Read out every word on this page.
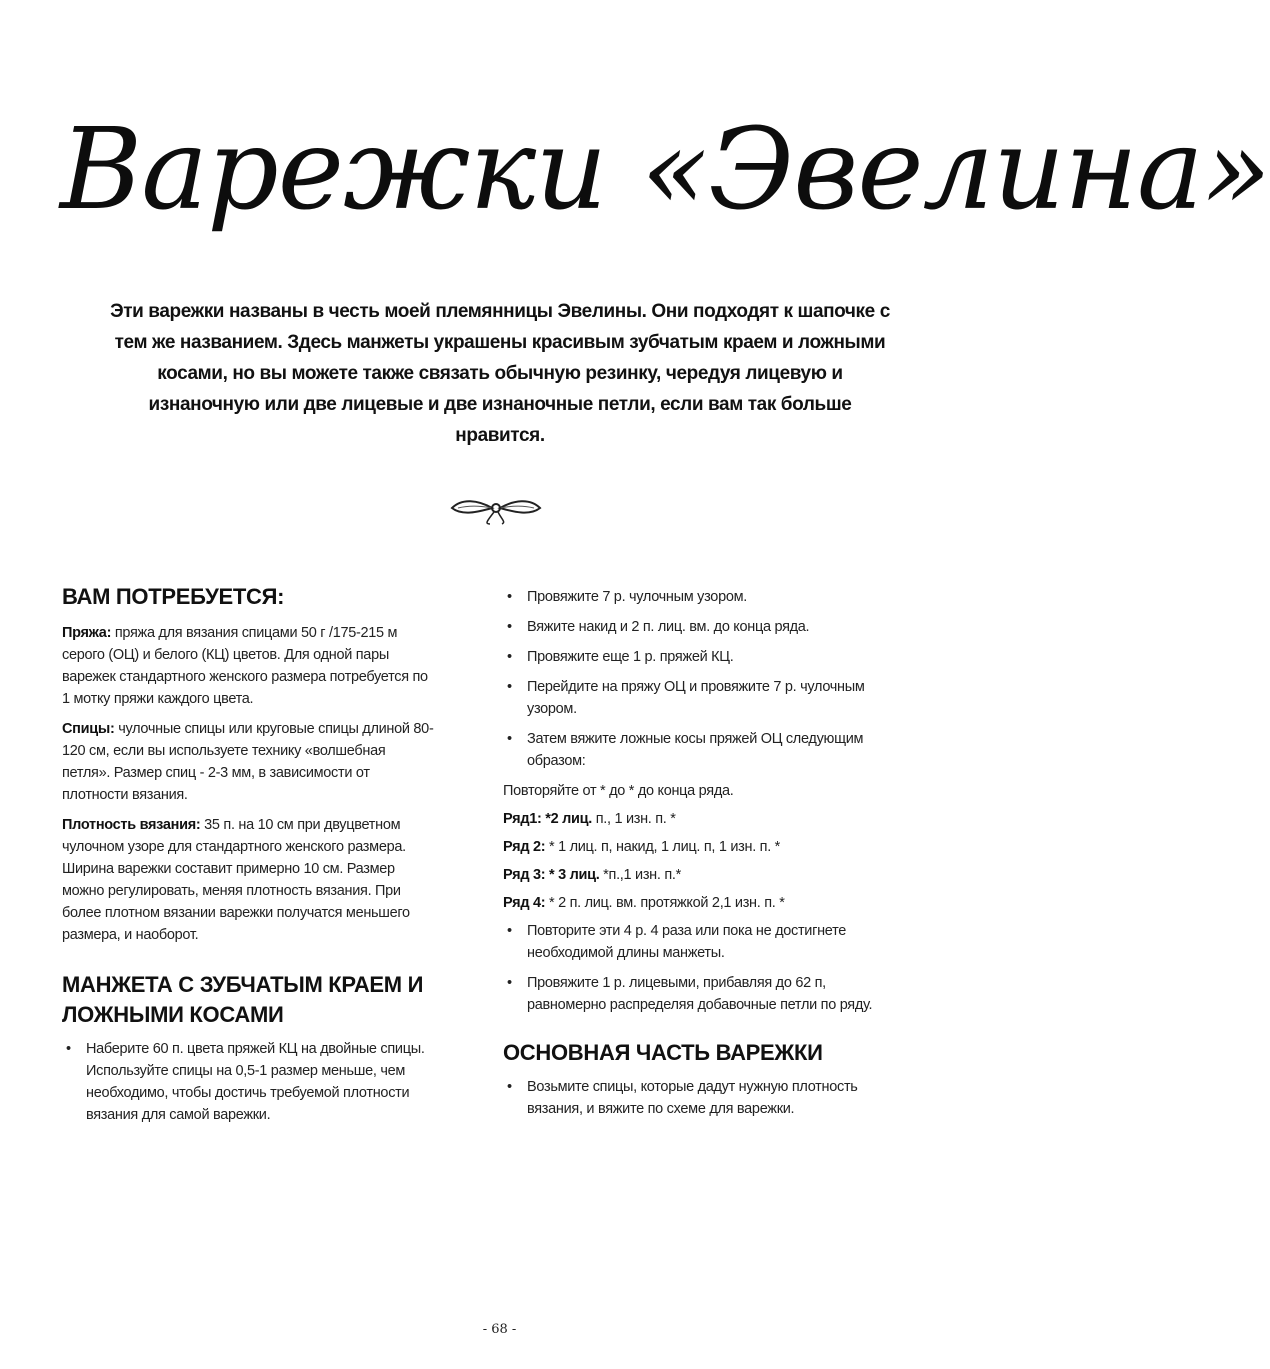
Варежки «Эвелина»
Эти варежки названы в честь моей племянницы Эвелины. Они подходят к шапочке с тем же названием. Здесь манжеты украшены красивым зубчатым краем и ложными косами, но вы можете также связать обычную резинку, чередуя лицевую и изнаночную или две лицевые и две изнаночные петли, если вам так больше нравится.
ВАМ ПОТРЕБУЕТСЯ:

Пряжа: пряжа для вязания спицами 50 г /175-215 м серого (ОЦ) и белого (КЦ) цветов. Для одной пары варежек стандартного женского размера потребуется по 1 мотку пряжи каждого цвета.

Спицы: чулочные спицы или круговые спицы длиной 80-120 см, если вы используете технику «волшебная петля». Размер спиц - 2-3 мм, в зависимости от плотности вязания.

Плотность вязания: 35 п. на 10 см при двуцветном чулочном узоре для стандартного женского размера. Ширина варежки составит примерно 10 см. Размер можно регулировать, меняя плотность вязания. При более плотном вязании варежки получатся меньшего размера, и наоборот.

МАНЖЕТА С ЗУБЧАТЫМ КРАЕМ И ЛОЖНЫМИ КОСАМИ
• Наберите 60 п. цвета пряжей КЦ на двойные спицы. Используйте спицы на 0,5-1 размер меньше, чем необходимо, чтобы достичь требуемой плотности вязания для самой варежки.
• Провяжите 7 р. чулочным узором.
• Вяжите накид и 2 п. лиц. вм. до конца ряда.
• Провяжите еще 1 р. пряжей КЦ.
• Перейдите на пряжу ОЦ и провяжите 7 р. чулочным узором.
• Затем вяжите ложные косы пряжей ОЦ следующим образом:

Повторяйте от * до * до конца ряда.

Ряд1: *2 лиц. п., 1 изн. п. *

Ряд 2: * 1 лиц. п, накид, 1 лиц. п, 1 изн. п. *

Ряд 3: * 3 лиц. *п.,1 изн. п.*

Ряд 4: * 2 п. лиц. вм. протяжкой 2,1 изн. п. *

• Повторите эти 4 р. 4 раза или пока не достигнете необходимой длины манжеты.
• Провяжите 1 р. лицевыми, прибавляя до 62 п, равномерно распределяя добавочные петли по ряду.
ОСНОВНАЯ ЧАСТЬ ВАРЕЖКИ
• Возьмите спицы, которые дадут нужную плотность вязания, и вяжите по схеме для варежки.
- 68 -
